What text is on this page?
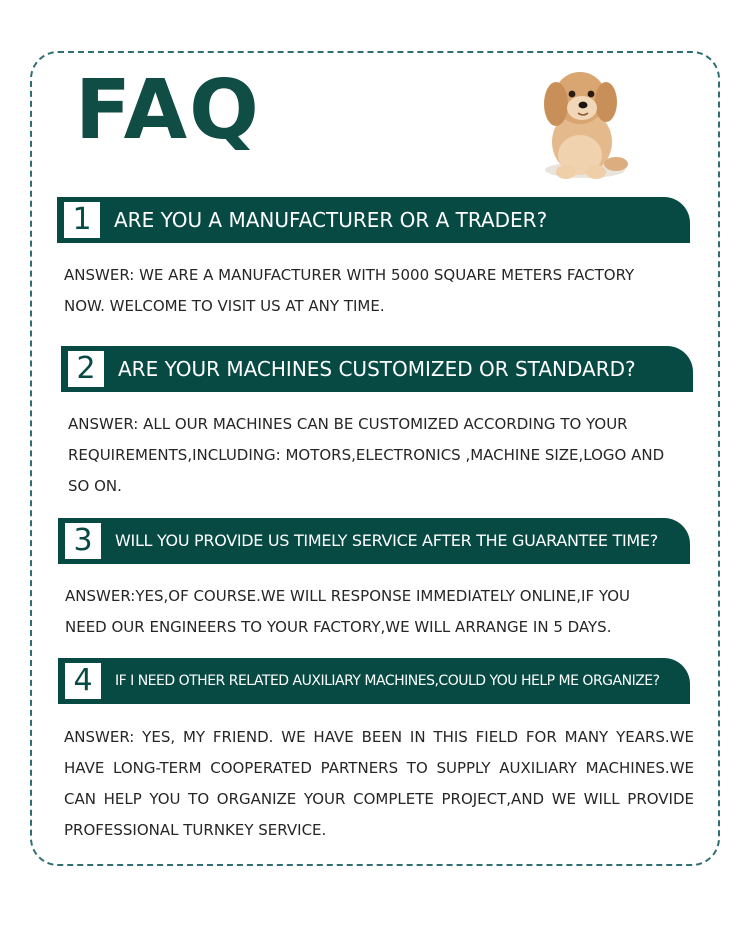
FAQ
1	ARE YOU A MANUFACTURER OR A TRADER?
ANSWER: WE ARE A MANUFACTURER WITH 5000 SQUARE METERS FACTORY NOW. WELCOME TO VISIT US AT ANY TIME.
2	ARE YOUR MACHINES CUSTOMIZED OR STANDARD?
ANSWER: ALL OUR MACHINES CAN BE CUSTOMIZED ACCORDING TO YOUR REQUIREMENTS,INCLUDING: MOTORS,ELECTRONICS ,MACHINE SIZE,LOGO AND SO ON.
3	WILL YOU PROVIDE US TIMELY SERVICE AFTER THE GUARANTEE TIME?
ANSWER:YES,OF COURSE.WE WILL RESPONSE IMMEDIATELY ONLINE,IF YOU NEED OUR ENGINEERS TO YOUR FACTORY,WE WILL ARRANGE IN 5 DAYS.
4	IF I NEED OTHER RELATED AUXILIARY MACHINES,COULD YOU HELP ME ORGANIZE?
ANSWER: YES, MY FRIEND. WE HAVE BEEN IN THIS FIELD FOR MANY YEARS.WE HAVE LONG-TERM COOPERATED PARTNERS TO SUPPLY AUXILIARY MACHINES.WE CAN HELP YOU TO ORGANIZE YOUR COMPLETE PROJECT,AND WE WILL PROVIDE PROFESSIONAL TURNKEY SERVICE.
